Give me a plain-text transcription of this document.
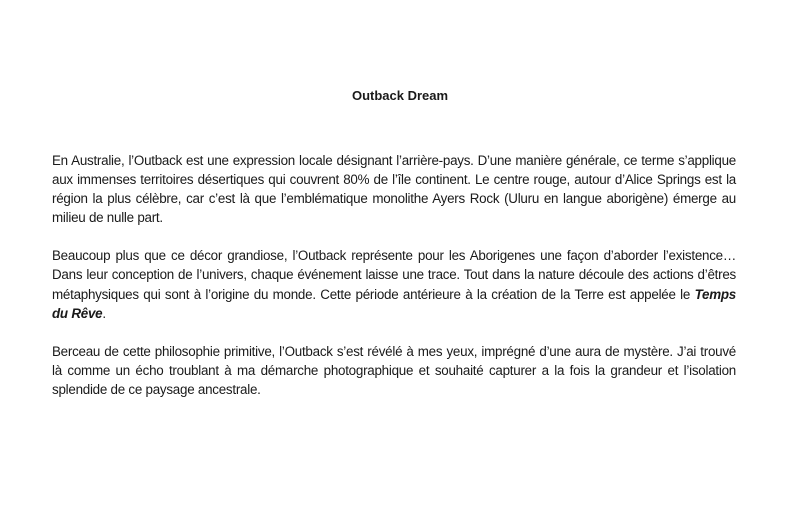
Outback Dream

En Australie, l’Outback est une expression locale désignant l’arrière-pays. D’une manière générale, ce terme s’applique aux immenses territoires désertiques qui couvrent 80% de l’île continent. Le centre rouge, autour d’Alice Springs est la région la plus célèbre, car c’est là que l’emblématique monolithe Ayers Rock (Uluru en langue aborigène) émerge au milieu de nulle part.

Beaucoup plus que ce décor grandiose, l’Outback représente pour les Aborigenes une façon d’aborder l’existence… Dans leur conception de l’univers, chaque événement laisse une trace. Tout dans la nature découle des actions d’êtres métaphysiques qui sont à l’origine du monde. Cette période antérieure à la création de la Terre est appelée le Temps du Rêve.

Berceau de cette philosophie primitive, l’Outback s’est révélé à mes yeux, imprégné d’une aura de mystère. J’ai trouvé là comme un écho troublant à ma démarche photographique et souhaité capturer a la fois la grandeur et l’isolation splendide de ce paysage ancestrale.
